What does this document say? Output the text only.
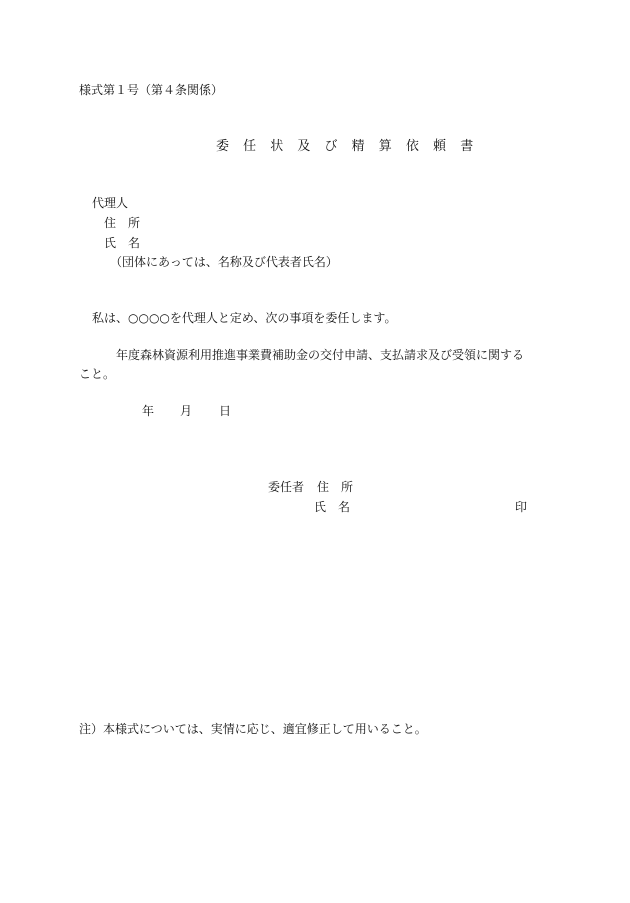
様式第１号（第４条関係）
委 任 状 及 び 精 算 依 頼 書
代理人
住　所
氏　名
（団体にあっては、名称及び代表者氏名）
私は、○○○○を代理人と定め、次の事項を委任します。
年度森林資源利用推進事業費補助金の交付申請、支払請求及び受領に関する
こと。
年 月 日
委任者 住　所
氏　名	印
注）本様式については、実情に応じ、適宜修正して用いること。
